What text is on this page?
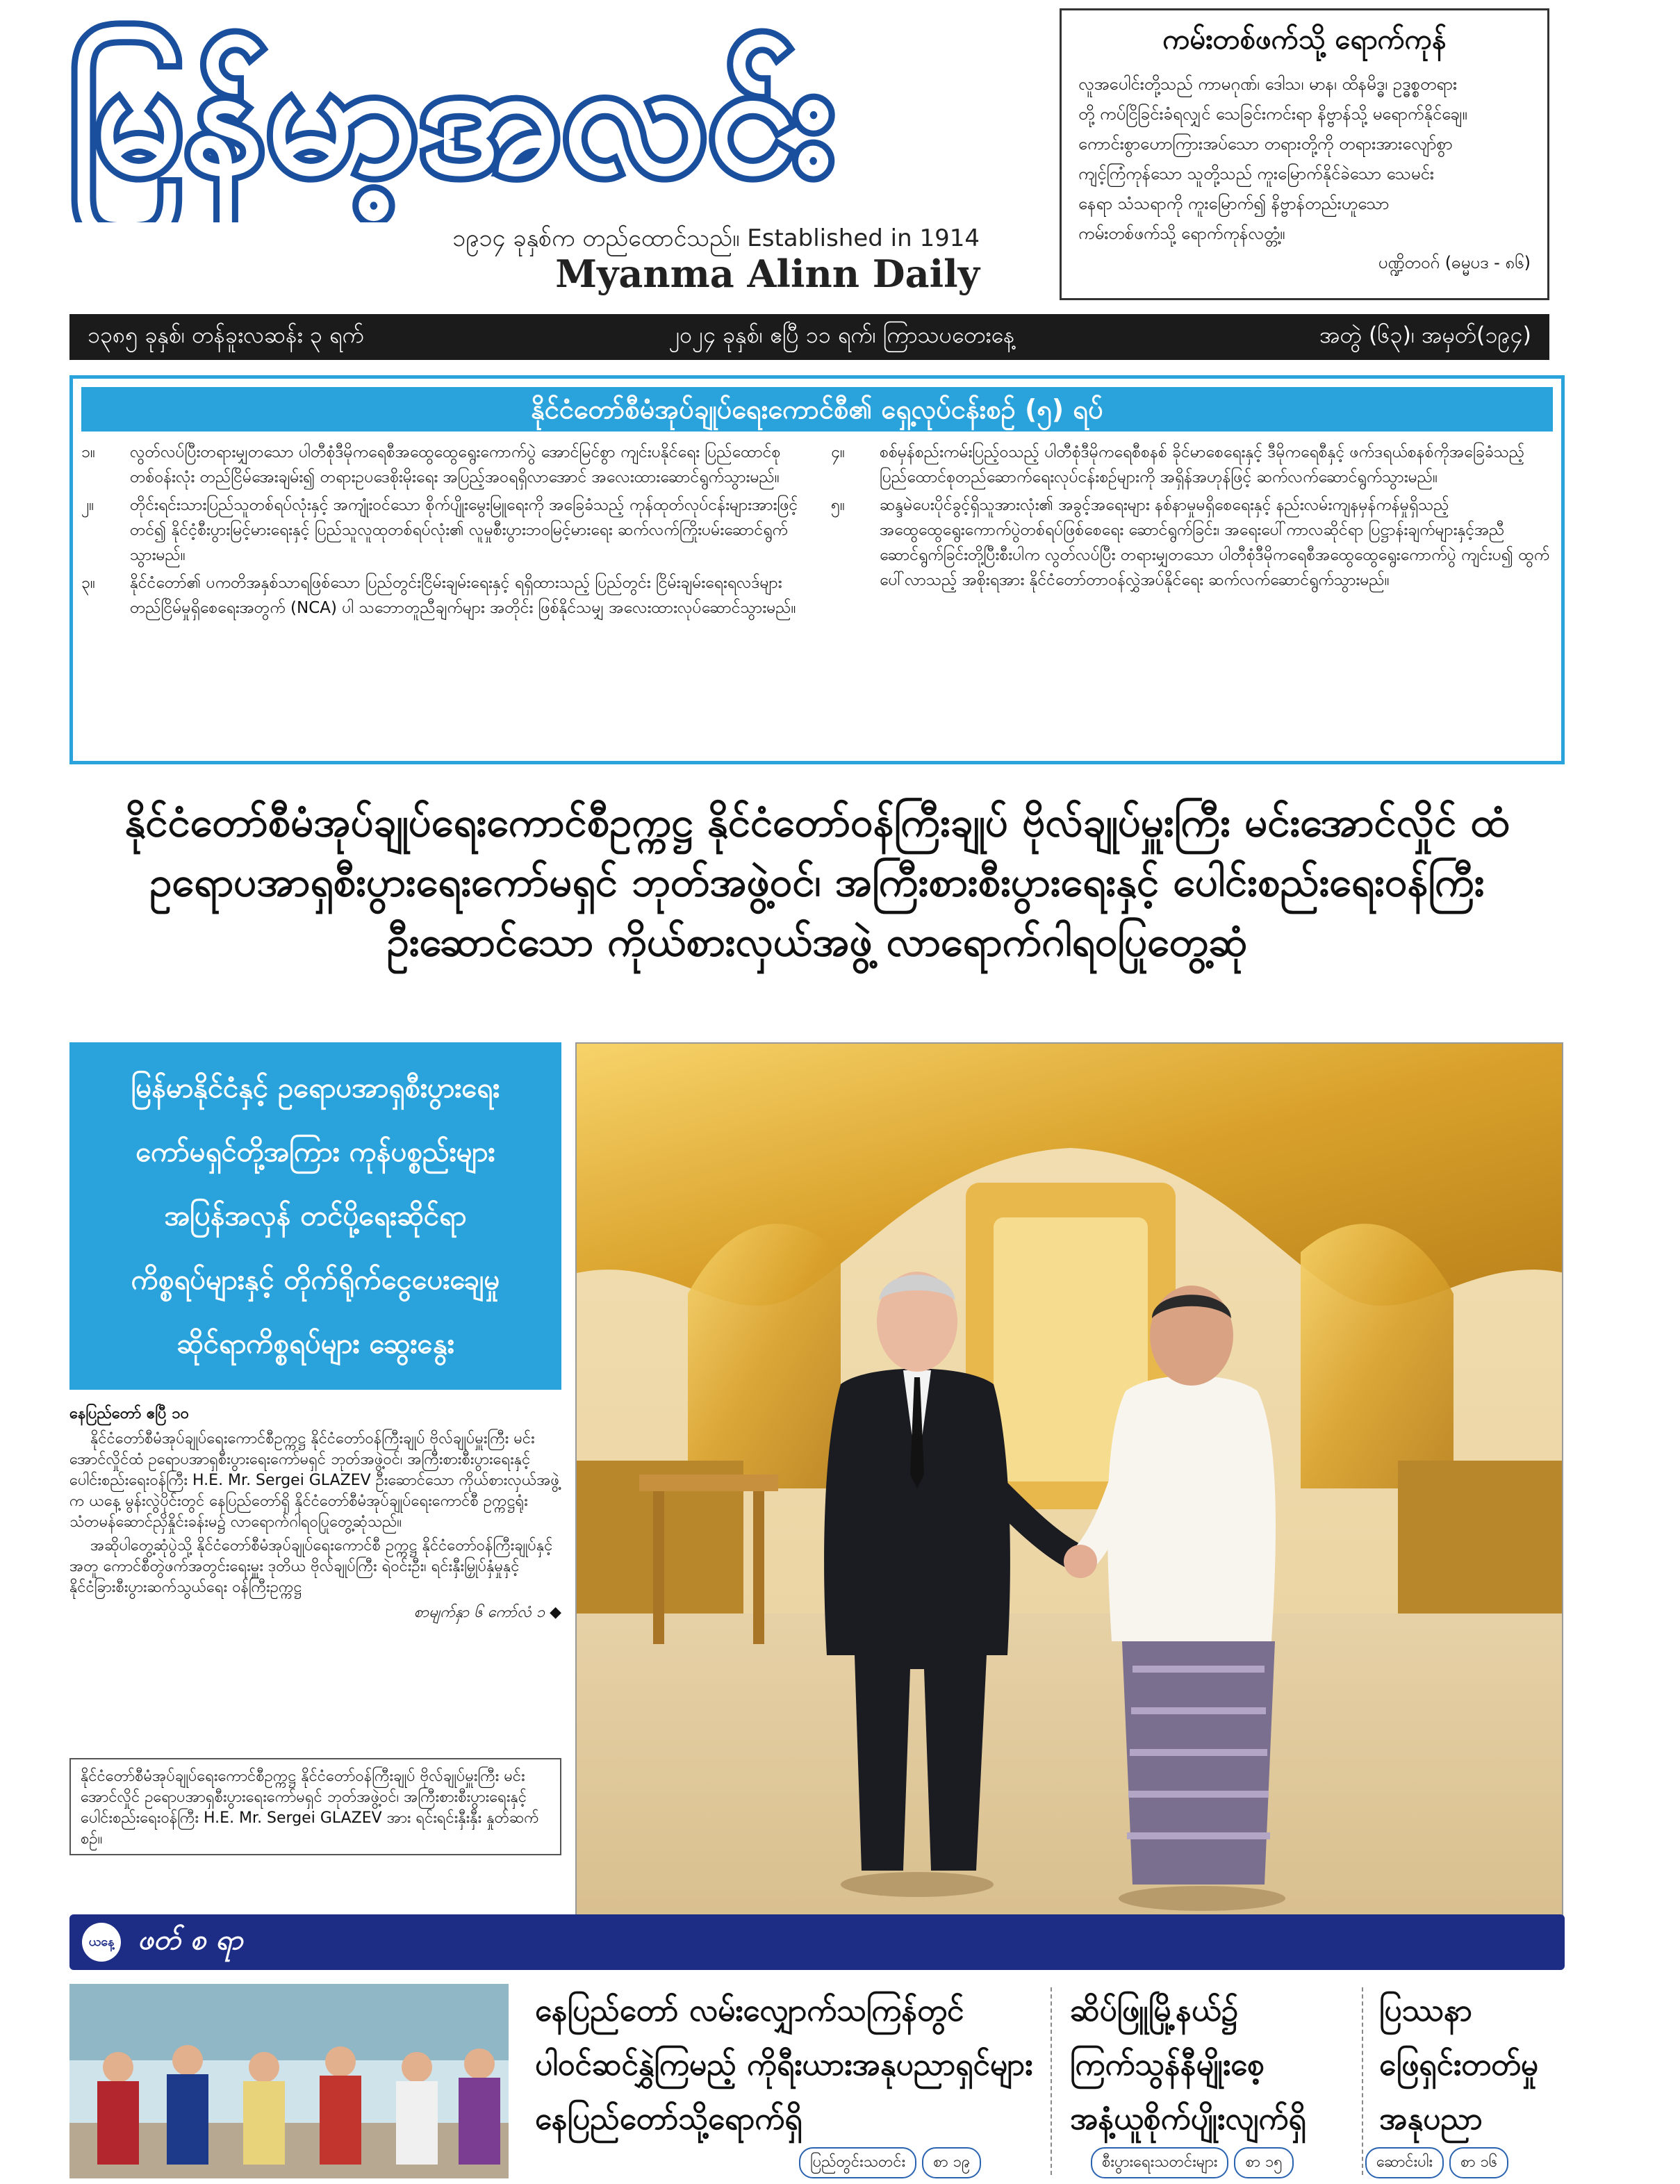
မြန်မာ့အလင်း
၁၉၁၄ ခုနှစ်က တည်ထောင်သည်။ Established in 1914
Myanma Alinn Daily
ကမ်းတစ်ဖက်သို့ ရောက်ကုန်
လူအပေါင်းတို့သည် ကာမဂုဏ်၊ ဒေါသ၊ မာန၊ ထိနမိဒ္ဓ၊ ဥဒ္ဓစ္စတရား
တို့ ကပ်ငြိခြင်းခံရလျှင် သေခြင်းကင်းရာ နိဗ္ဗာန်သို့ မရောက်နိုင်ချေ။
ကောင်းစွာဟောကြားအပ်သော တရားတို့ကို တရားအားလျော်စွာ
ကျင့်ကြံကုန်သော သူတို့သည် ကူးမြောက်နိုင်ခဲသော သေမင်း
နေရာ သံသရာကို ကူးမြောက်၍ နိဗ္ဗာန်တည်းဟူသော
ကမ်းတစ်ဖက်သို့ ရောက်ကုန်လတ္တံ့။
ပဏ္ဍိတဝဂ် (ဓမ္မပဒ - ၈၆)
၁၃၈၅ ခုနှစ်၊ တန်ခူးလဆန်း ၃ ရက်	၂၀၂၄ ခုနှစ်၊ ဧပြီ ၁၁ ရက်၊ ကြာသပတေးနေ့	အတွဲ (၆၃)၊ အမှတ်(၁၉၄)
နိုင်ငံတော်စီမံအုပ်ချုပ်ရေးကောင်စီ၏ ရှေ့လုပ်ငန်းစဉ် (၅) ရပ်
၁။	လွတ်လပ်ပြီးတရားမျှတသော ပါတီစုံဒီမိုကရေစီအထွေထွေရွေးကောက်ပွဲ အောင်မြင်စွာ ကျင်းပနိုင်ရေး ပြည်ထောင်စုတစ်ဝန်းလုံး တည်ငြိမ်အေးချမ်း၍ တရားဥပဒေစိုးမိုးရေး အပြည့်အဝရရှိလာအောင် အလေးထားဆောင်ရွက်သွားမည်။
၂။	တိုင်းရင်းသားပြည်သူတစ်ရပ်လုံးနှင့် အကျုံးဝင်သော စိုက်ပျိုးမွေးမြူရေးကို အခြေခံသည့် ကုန်ထုတ်လုပ်ငန်းများအားဖြင့်တင်၍ နိုင်ငံ့စီးပွားမြင့်မားရေးနှင့် ပြည်သူလူထုတစ်ရပ်လုံး၏ လူမှုစီးပွားဘဝမြင့်မားရေး ဆက်လက်ကြိုးပမ်းဆောင်ရွက်သွားမည်။
၃။	နိုင်ငံတော်၏ ပကတိအနှစ်သာရဖြစ်သော ပြည်တွင်းငြိမ်းချမ်းရေးနှင့် ရရှိထားသည့် ပြည်တွင်း ငြိမ်းချမ်းရေးရလဒ်များ တည်ငြိမ်မှုရှိစေရေးအတွက် (NCA) ပါ သဘောတူညီချက်များ အတိုင်း ဖြစ်နိုင်သမျှ အလေးထားလုပ်ဆောင်သွားမည်။
၄။	စစ်မှန်စည်းကမ်းပြည့်ဝသည့် ပါတီစုံဒီမိုကရေစီစနစ် ခိုင်မာစေရေးနှင့် ဒီမိုကရေစီနှင့် ဖက်ဒရယ်စနစ်ကိုအခြေခံသည့် ပြည်ထောင်စုတည်ဆောက်ရေးလုပ်ငန်းစဉ်များကို အရှိန်အဟုန်ဖြင့် ဆက်လက်ဆောင်ရွက်သွားမည်။
၅။	ဆန္ဒမဲပေးပိုင်ခွင့်ရှိသူအားလုံး၏ အခွင့်အရေးများ နစ်နာမှုမရှိစေရေးနှင့် နည်းလမ်းကျနမှန်ကန်မှုရှိသည့် အထွေထွေရွေးကောက်ပွဲတစ်ရပ်ဖြစ်စေရေး ဆောင်ရွက်ခြင်း၊ အရေးပေါ်ကာလဆိုင်ရာ ပြဋ္ဌာန်းချက်များနှင့်အညီ ဆောင်ရွက်ခြင်းတို့ပြီးစီးပါက လွတ်လပ်ပြီး တရားမျှတသော ပါတီစုံဒီမိုကရေစီအထွေထွေရွေးကောက်ပွဲ ကျင်းပ၍ ထွက်ပေါ်လာသည့် အစိုးရအား နိုင်ငံတော်တာဝန်လွှဲအပ်နိုင်ရေး ဆက်လက်ဆောင်ရွက်သွားမည်။
နိုင်ငံတော်စီမံအုပ်ချုပ်ရေးကောင်စီဥက္ကဋ္ဌ နိုင်ငံတော်ဝန်ကြီးချုပ် ဗိုလ်ချုပ်မှူးကြီး မင်းအောင်လှိုင် ထံ
ဥရောပအာရှစီးပွားရေးကော်မရှင် ဘုတ်အဖွဲ့ဝင်၊ အကြီးစားစီးပွားရေးနှင့် ပေါင်းစည်းရေးဝန်ကြီး
ဦးဆောင်သော ကိုယ်စားလှယ်အဖွဲ့ လာရောက်ဂါရဝပြုတွေ့ဆုံ
မြန်မာနိုင်ငံနှင့် ဥရောပအာရှစီးပွားရေး
ကော်မရှင်တို့အကြား ကုန်ပစ္စည်းများ
အပြန်အလှန် တင်ပို့ရေးဆိုင်ရာ
ကိစ္စရပ်များနှင့် တိုက်ရိုက်ငွေပေးချေမှု
ဆိုင်ရာကိစ္စရပ်များ ဆွေးနွေး
နေပြည်တော် ဧပြီ ၁၀

နိုင်ငံတော်စီမံအုပ်ချုပ်ရေးကောင်စီဥက္ကဋ္ဌ နိုင်ငံတော်ဝန်ကြီးချုပ် ဗိုလ်ချုပ်မှူးကြီး မင်းအောင်လှိုင်ထံ ဥရောပအာရှစီးပွားရေးကော်မရှင် ဘုတ်အဖွဲ့ဝင်၊ အကြီးစားစီးပွားရေးနှင့် ပေါင်းစည်းရေးဝန်ကြီး H.E. Mr. Sergei GLAZEV ဦးဆောင်သော ကိုယ်စားလှယ်အဖွဲ့က ယနေ့ မွန်းလွဲပိုင်းတွင် နေပြည်တော်ရှိ နိုင်ငံတော်စီမံအုပ်ချုပ်ရေးကောင်စီ ဥက္ကဋ္ဌရုံး သံတမန်ဆောင်ညှိနှိုင်းခန်းမ၌ လာရောက်ဂါရဝပြုတွေ့ဆုံသည်။

အဆိုပါတွေ့ဆုံပွဲသို့ နိုင်ငံတော်စီမံအုပ်ချုပ်ရေးကောင်စီ ဥက္ကဋ္ဌ နိုင်ငံတော်ဝန်ကြီးချုပ်နှင့်အတူ ကောင်စီတွဲဖက်အတွင်းရေးမှူး ဒုတိယ ဗိုလ်ချုပ်ကြီး ရဲဝင်းဦး၊ ရင်းနှီးမြှုပ်နှံမှုနှင့် နိုင်ငံခြားစီးပွားဆက်သွယ်ရေး ဝန်ကြီးဥက္ကဋ္ဌ

စာမျက်နှာ ၆ ကော်လံ ၁ ◆
နိုင်ငံတော်စီမံအုပ်ချုပ်ရေးကောင်စီဥက္ကဋ္ဌ နိုင်ငံတော်ဝန်ကြီးချုပ် ဗိုလ်ချုပ်မှူးကြီး မင်းအောင်လှိုင် ဥရောပအာရှစီးပွားရေးကော်မရှင် ဘုတ်အဖွဲ့ဝင်၊ အကြီးစားစီးပွားရေးနှင့် ပေါင်းစည်းရေးဝန်ကြီး H.E. Mr. Sergei GLAZEV အား ရင်းရင်းနှီးနှီး နှုတ်ဆက်စဉ်။
ယနေ့ ဖတ် စ ရာ
နေပြည်တော် လမ်းလျှောက်သကြန်တွင်
ပါဝင်ဆင်နွှဲကြမည့် ကိုရီးယားအနုပညာရှင်များ
နေပြည်တော်သို့ရောက်ရှိ
ပြည်တွင်းသတင်း	စာ ၁၉
ဆိပ်ဖြူမြို့နယ်၌
ကြက်သွန်နီမျိုးစေ့
အနံ့ယူစိုက်ပျိုးလျက်ရှိ
စီးပွားရေးသတင်းများ	စာ ၁၅
ပြဿနာ
ဖြေရှင်းတတ်မှု
အနုပညာ
ဆောင်းပါး	စာ ၁၆
